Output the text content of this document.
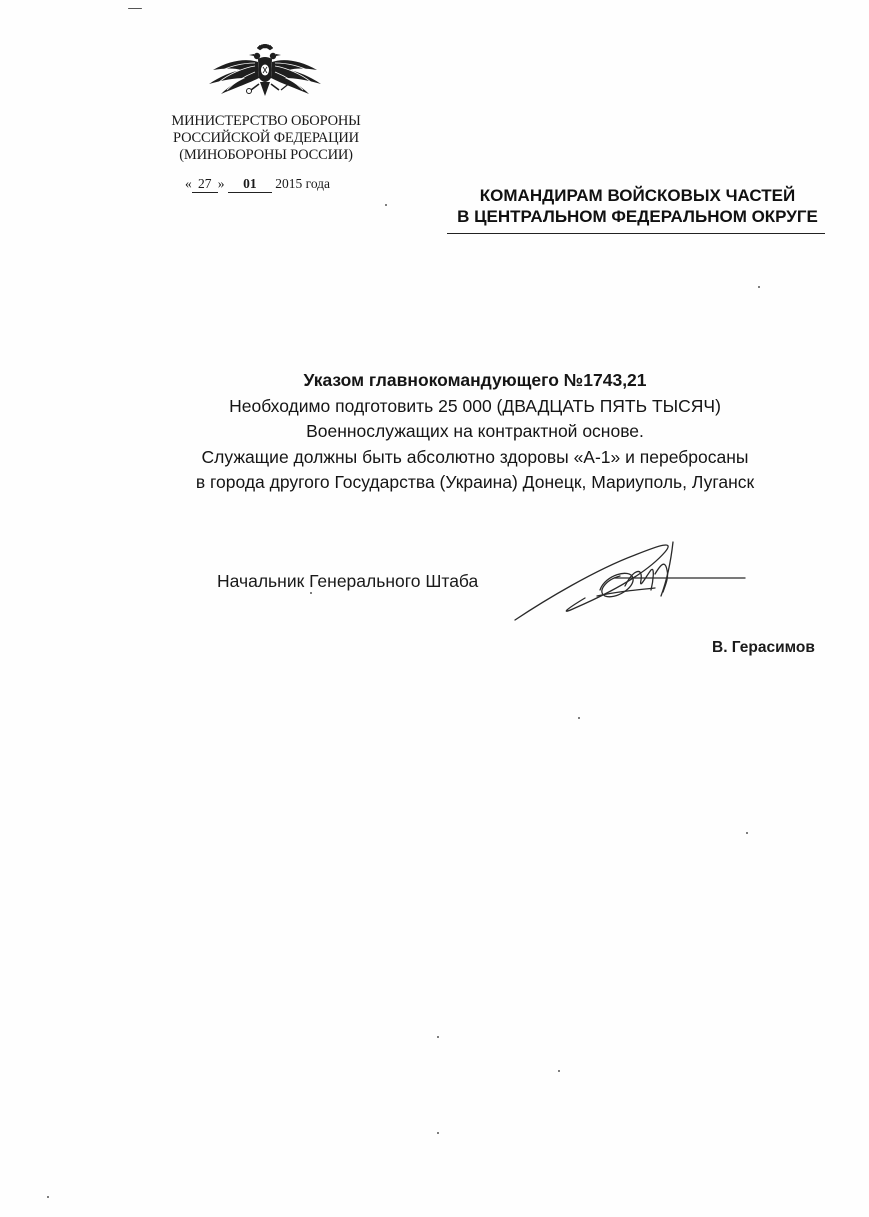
МИНИСТЕРСТВО ОБОРОНЫ
РОССИЙСКОЙ ФЕДЕРАЦИИ
(МИНОБОРОНЫ РОССИИ)
« 27 » 01 2015 года
КОМАНДИРАМ ВОЙСКОВЫХ ЧАСТЕЙ
В ЦЕНТРАЛЬНОМ ФЕДЕРАЛЬНОМ ОКРУГЕ
Указом главнокомандующего №1743,21
Необходимо подготовить 25 000 (ДВАДЦАТЬ ПЯТЬ ТЫСЯЧ)
Военнослужащих на контрактной основе.
Служащие должны быть абсолютно здоровы «А-1» и переброcаны
в города другого Государства (Украина) Донецк, Мариуполь, Луганск
Начальник Генерального Штаба
В. Герасимов
